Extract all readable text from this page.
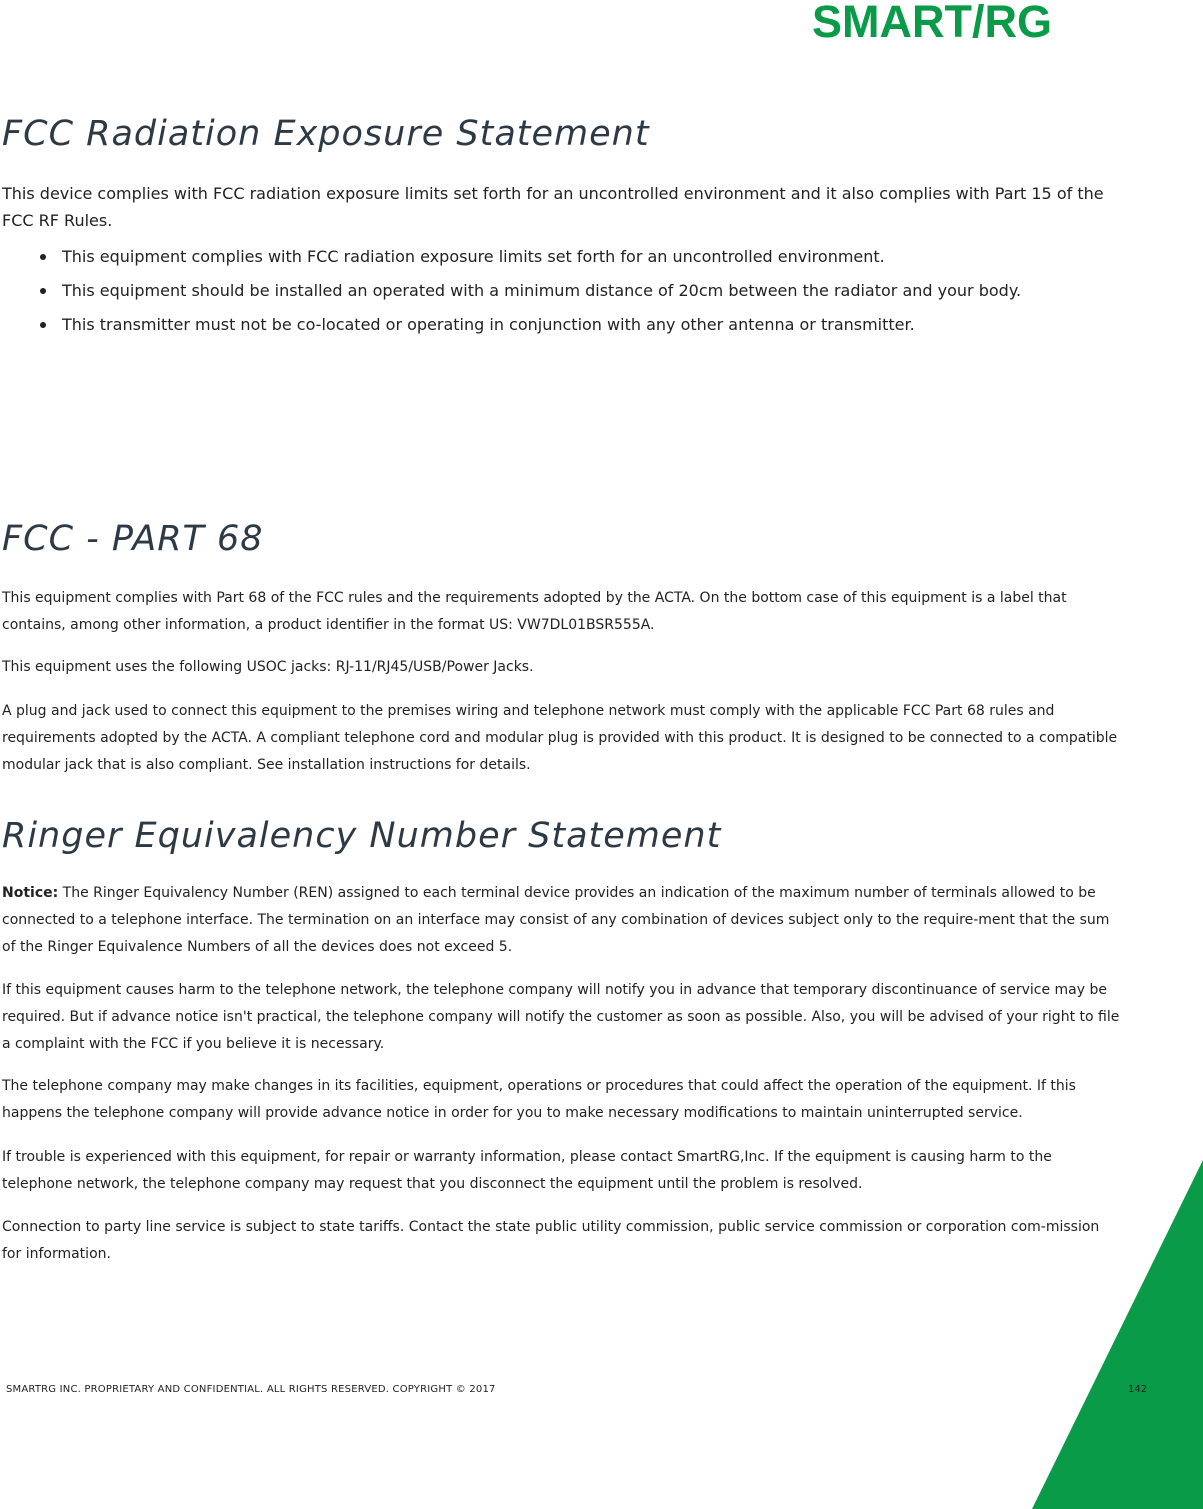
SMART/RG
FCC Radiation Exposure Statement

This device complies with FCC radiation exposure limits set forth for an uncontrolled environment and it also complies with Part 15 of the FCC RF Rules.

This equipment complies with FCC radiation exposure limits set forth for an uncontrolled environment.
This equipment should be installed an operated with a minimum distance of 20cm between the radiator and your body.
This transmitter must not be co-located or operating in conjunction with any other antenna or transmitter.
FCC - PART 68

This equipment complies with Part 68 of the FCC rules and the requirements adopted by the ACTA. On the bottom case of this equipment is a label that contains, among other information, a product identifier in the format US: VW7DL01BSR555A.

This equipment uses the following USOC jacks: RJ-11/RJ45/USB/Power Jacks.

A plug and jack used to connect this equipment to the premises wiring and telephone network must comply with the applicable FCC Part 68 rules and requirements adopted by the ACTA. A compliant telephone cord and modular plug is provided with this product. It is designed to be connected to a compatible modular jack that is also compliant. See installation instructions for details.

Ringer Equivalency Number Statement

Notice: The Ringer Equivalency Number (REN) assigned to each terminal device provides an indication of the maximum number of terminals allowed to be connected to a telephone interface. The termination on an interface may consist of any combination of devices subject only to the require-ment that the sum of the Ringer Equivalence Numbers of all the devices does not exceed 5.

If this equipment causes harm to the telephone network, the telephone company will notify you in advance that temporary discontinuance of service may be required. But if advance notice isn't practical, the telephone company will notify the customer as soon as possible. Also, you will be advised of your right to file a complaint with the FCC if you believe it is necessary.

The telephone company may make changes in its facilities, equipment, operations or procedures that could affect the operation of the equipment. If this happens the telephone company will provide advance notice in order for you to make necessary modifications to maintain uninterrupted service.

If trouble is experienced with this equipment, for repair or warranty information, please contact SmartRG,Inc. If the equipment is causing harm to the telephone network, the telephone company may request that you disconnect the equipment until the problem is resolved.

Connection to party line service is subject to state tariffs. Contact the state public utility commission, public service commission or corporation com-mission for information.

SMARTRG INC. PROPRIETARY AND CONFIDENTIAL. ALL RIGHTS RESERVED. COPYRIGHT © 2017	142
